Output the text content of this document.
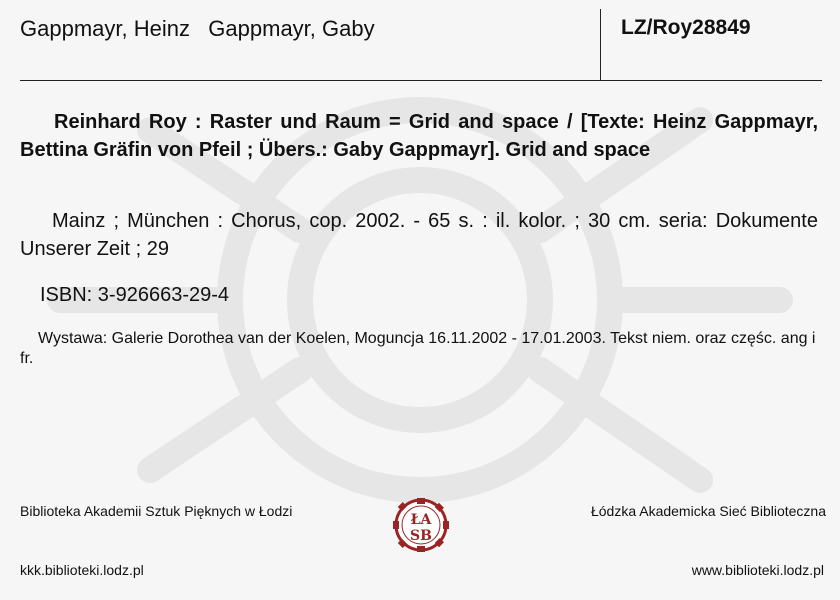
Gappmayr, Heinz   Gappmayr, Gaby	LZ/Roy28849
Reinhard Roy : Raster und Raum = Grid and space / [Texte: Heinz Gappmayr, Bettina Gräfin von Pfeil ; Übers.: Gaby Gappmayr]. Grid and space
Mainz ; München : Chorus, cop. 2002. - 65 s. : il. kolor. ; 30 cm. seria: Dokumente Unserer Zeit ; 29
ISBN: 3-926663-29-4
Wystawa: Galerie Dorothea van der Koelen, Moguncja 16.11.2002 - 17.01.2003. Tekst niem. oraz częśc. ang i fr.
Biblioteka Akademii Sztuk Pięknych w Łodzi	Łódzka Akademicka Sieć Biblioteczna
ŁA
SB
kkk.biblioteki.lodz.pl	www.biblioteki.lodz.pl
